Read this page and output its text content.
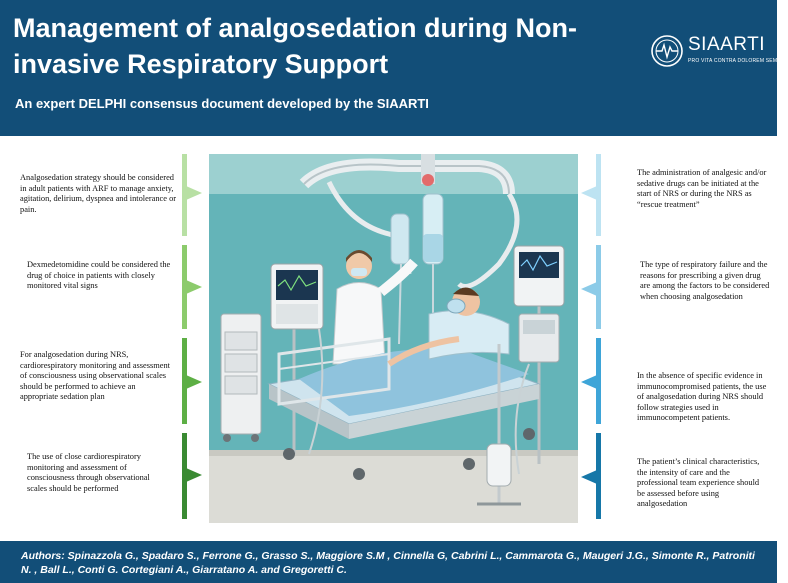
Management of analgosedation during Non-invasive Respiratory Support
An expert DELPHI consensus document developed by the SIAARTI
SIAARTI
PRO VITA CONTRA DOLOREM SEMPER
Analgosedation strategy should be considered in adult patients with ARF to manage anxiety, agitation, delirium, dyspnea and intolerance or pain.
Dexmedetomidine could be considered the drug of choice in patients with closely monitored vital signs
For analgosedation during NRS, cardiorespiratory monitoring and assessment of consciousness using observational scales should be performed to achieve an appropriate sedation plan
The use of close cardiorespiratory monitoring and assessment of consciousness through observational scales should be performed
The administration of analgesic and/or sedative drugs can be initiated at the start of NRS or during the NRS as “rescue treatment”
The type of respiratory failure and the reasons for prescribing a given drug are among the factors to be considered when choosing analgosedation
In the absence of specific evidence in immunocompromised patients, the use of analgosedation during NRS should follow strategies used in immunocompetent patients.
The patient’s clinical characteristics, the intensity of care and the professional team experience should be assessed before using analgosedation
Authors: Spinazzola G., Spadaro S., Ferrone G., Grasso S., Maggiore S.M , Cinnella G, Cabrini L., Cammarota G., Maugeri J.G., Simonte R., Patroniti N. , Ball L., Conti G. Cortegiani A., Giarratano A. and Gregoretti C.
